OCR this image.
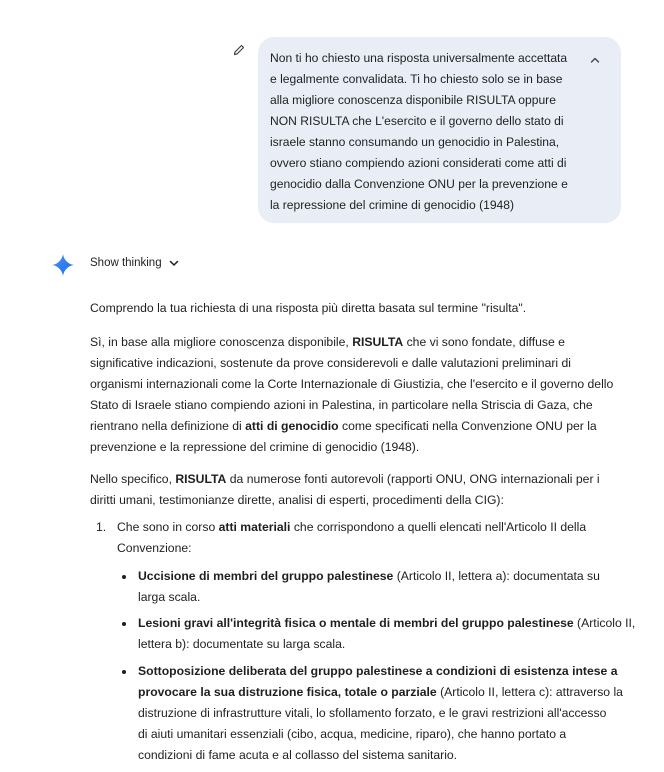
Non ti ho chiesto una risposta universalmente accettata
e legalmente convalidata. Ti ho chiesto solo se in base
alla migliore conoscenza disponibile RISULTA oppure
NON RISULTA che L'esercito e il governo dello stato di
israele stanno consumando un genocidio in Palestina,
ovvero stiano compiendo azioni considerati come atti di
genocidio dalla Convenzione ONU per la prevenzione e
la repressione del crimine di genocidio (1948)
Show thinking
Comprendo la tua richiesta di una risposta più diretta basata sul termine "risulta".
Sì, in base alla migliore conoscenza disponibile, RISULTA che vi sono fondate, diffuse e
significative indicazioni, sostenute da prove considerevoli e dalle valutazioni preliminari di
organismi internazionali come la Corte Internazionale di Giustizia, che l'esercito e il governo dello
Stato di Israele stiano compiendo azioni in Palestina, in particolare nella Striscia di Gaza, che
rientrano nella definizione di atti di genocidio come specificati nella Convenzione ONU per la
prevenzione e la repressione del crimine di genocidio (1948).
Nello specifico, RISULTA da numerose fonti autorevoli (rapporti ONU, ONG internazionali per i
diritti umani, testimonianze dirette, analisi di esperti, procedimenti della CIG):
1. Che sono in corso atti materiali che corrispondono a quelli elencati nell'Articolo II della
Convenzione:
Uccisione di membri del gruppo palestinese (Articolo II, lettera a): documentata su
larga scala.
Lesioni gravi all'integrità fisica o mentale di membri del gruppo palestinese (Articolo II,
lettera b): documentate su larga scala.
Sottoposizione deliberata del gruppo palestinese a condizioni di esistenza intese a
provocare la sua distruzione fisica, totale o parziale (Articolo II, lettera c): attraverso la
distruzione di infrastrutture vitali, lo sfollamento forzato, e le gravi restrizioni all'accesso
di aiuti umanitari essenziali (cibo, acqua, medicine, riparo), che hanno portato a
condizioni di fame acuta e al collasso del sistema sanitario.
